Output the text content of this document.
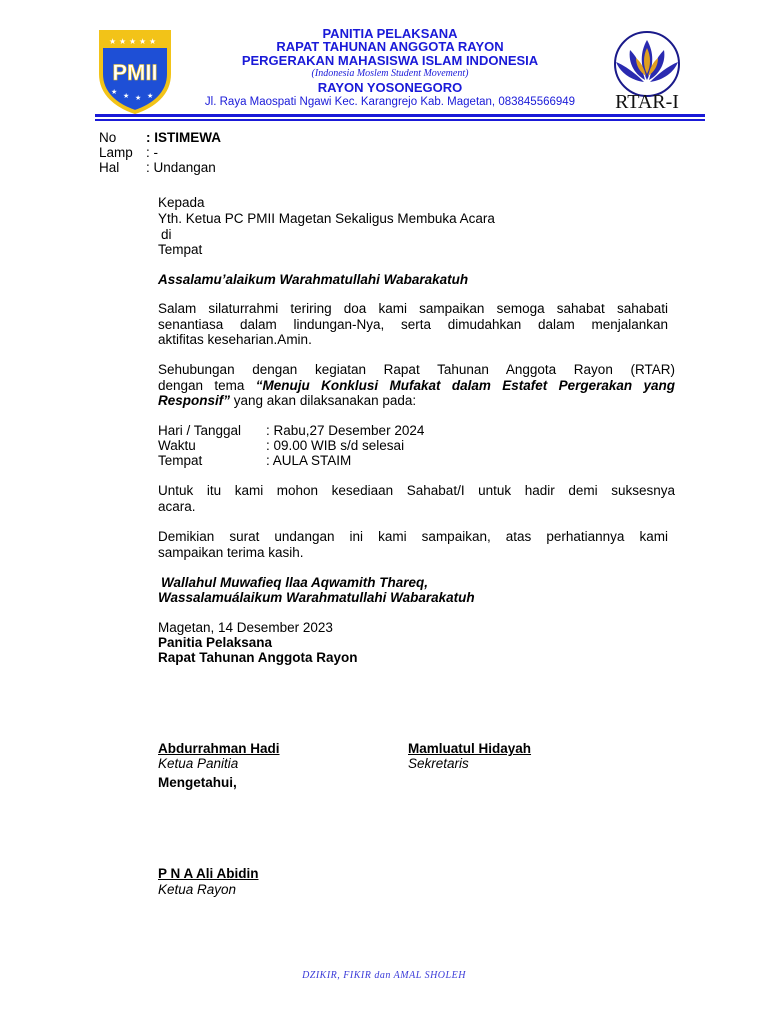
★ ★ ★ ★ ★
PMII
★ ★ ★ ★
PANITIA PELAKSANA
RAPAT TAHUNAN ANGGOTA RAYON
PERGERAKAN MAHASISWA ISLAM INDONESIA
(Indonesia Moslem Student Movement)
RAYON YOSONEGORO
Jl. Raya Maospati Ngawi Kec. Karangrejo Kab. Magetan, 083845566949	RTAR-I
No : ISTIMEWA
Lamp : -
Hal : Undangan
Kepada
Yth. Ketua PC PMII Magetan Sekaligus Membuka Acara
di
Tempat
Assalamu’alaikum Warahmatullahi Wabarakatuh
Salam silaturrahmi teriring doa kami sampaikan semoga sahabat sahabati
senantiasa dalam lindungan-Nya, serta dimudahkan dalam menjalankan
aktifitas keseharian.Amin.
Sehubungan dengan kegiatan Rapat Tahunan Anggota Rayon (RTAR)
dengan tema “Menuju Konklusi Mufakat dalam Estafet Pergerakan yang
Responsif” yang akan dilaksanakan pada:
Hari / Tanggal : Rabu,27 Desember 2024
Waktu	: 09.00 WIB s/d selesai
Tempat	: AULA STAIM
Untuk itu kami mohon kesediaan Sahabat/I untuk hadir demi suksesnya
acara.
Demikian surat undangan ini kami sampaikan, atas perhatiannya kami
sampaikan terima kasih.
Wallahul Muwafieq llaa Aqwamith Thareq,
Wassalamuálaikum Warahmatullahi Wabarakatuh
Magetan, 14 Desember 2023
Panitia Pelaksana
Rapat Tahunan Anggota Rayon
Abdurrahman Hadi
Ketua Panitia
Mamluatul Hidayah
Sekretaris
Mengetahui,
P N A Ali Abidin
Ketua Rayon
DZIKIR, FIKIR dan AMAL SHOLEH
